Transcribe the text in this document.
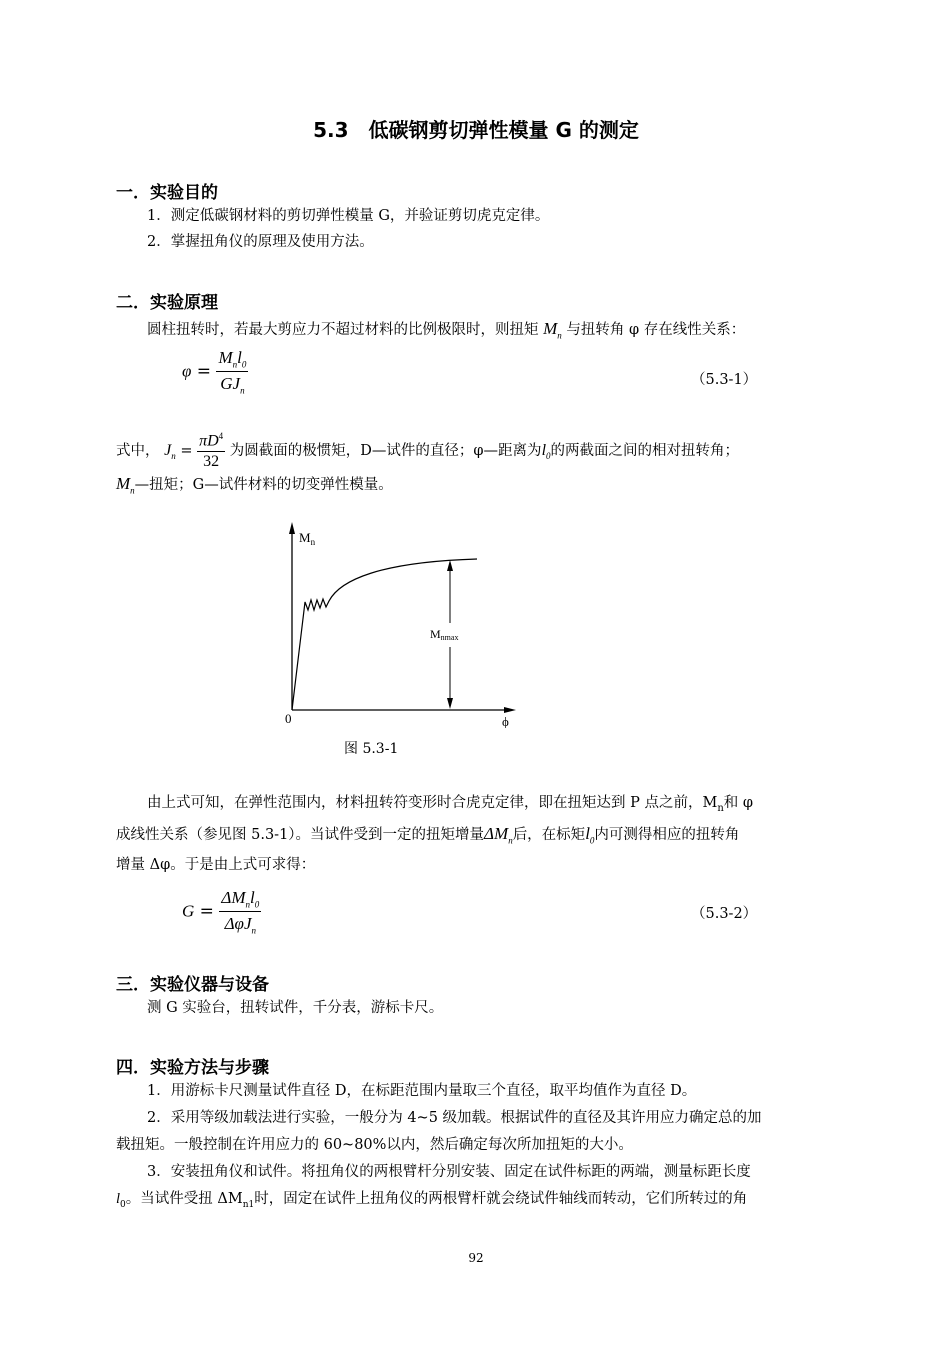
5.3　低碳钢剪切弹性模量 G 的测定
一．实验目的
1．测定低碳钢材料的剪切弹性模量 G，并验证剪切虎克定律。
2．掌握扭角仪的原理及使用方法。
二．实验原理
圆柱扭转时，若最大剪应力不超过材料的比例极限时，则扭矩 $M_n$ 与扭转角 φ 存在线性关系：
$\varphi = \frac{M_nl_0}{GJ_n}$	（5.3-1）
式中， $J_n = \frac{\pi D^4}{32}$ 为圆截面的极惯矩，D—试件的直径；φ—距离为$l_0$的两截面之间的相对扭转角；
$M_n—$扭矩；G—试件材料的切变弹性模量。
$M_n$
0	ϕ
Mnmax
图 5.3-1
由上式可知，在弹性范围内，材料扭转符变形时合虎克定律，即在扭矩达到 P 点之前，$M_n$和 φ
成线性关系（参见图 5.3-1）。当试件受到一定的扭矩增量$\Delta M_n$后，在标矩$l_0$内可测得相应的扭转角
增量 Δφ。于是由上式可求得：
$G = \frac{\Delta M_nl_0}{\Delta\varphi J_n}$	（5.3-2）
三．实验仪器与设备
测 G 实验台，扭转试件，千分表，游标卡尺。
四．实验方法与步骤
1．用游标卡尺测量试件直径 D，在标距范围内量取三个直径，取平均值作为直径 D。
2．采用等级加载法进行实验，一般分为 4~5 级加载。根据试件的直径及其许用应力确定总的加
载扭矩。一般控制在许用应力的 60~80%以内，然后确定每次所加扭矩的大小。
3．安装扭角仪和试件。将扭角仪的两根臂杆分别安装、固定在试件标距的两端，测量标距长度
$l_0$。当试件受扭 $\Delta M_{n1}$时，固定在试件上扭角仪的两根臂杆就会绕试件轴线而转动，它们所转过的角
92
